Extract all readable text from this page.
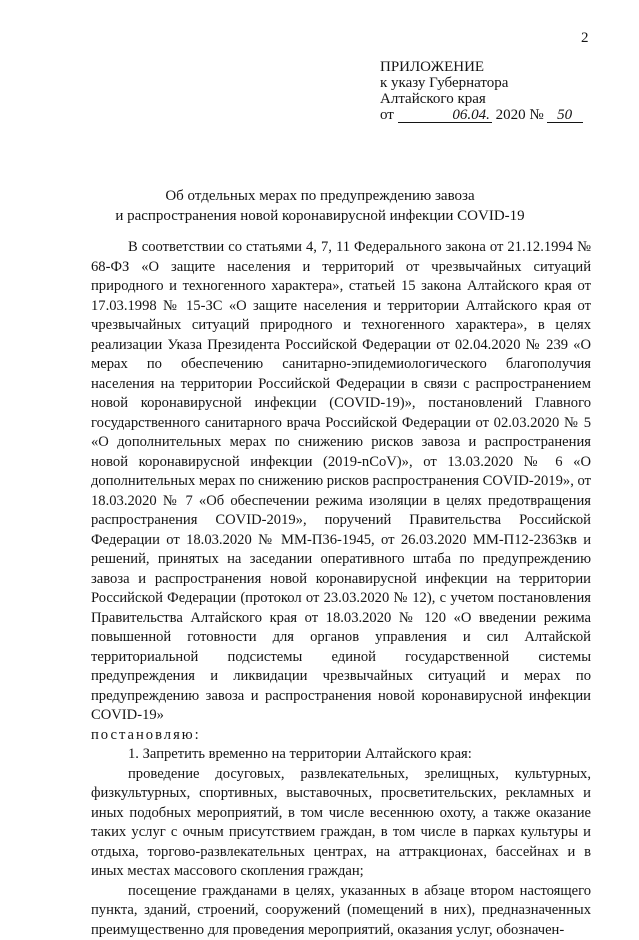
2
ПРИЛОЖЕНИЕ
к указу Губернатора
Алтайского края
от	06.04. 2020 № 50
Об отдельных мерах по предупреждению завоза
и распространения новой коронавирусной инфекции COVID-19

В соответствии со статьями 4, 7, 11 Федерального закона от 21.12.1994 № 68-ФЗ «О защите населения и территорий от чрезвычайных ситуаций природного и техногенного характера», статьей 15 закона Алтайского края от 17.03.1998 № 15-ЗС «О защите населения и территории Алтайского края от чрезвычайных ситуаций природного и техногенного характера», в целях реализации Указа Президента Российской Федерации от 02.04.2020 № 239 «О мерах по обеспечению санитарно-эпидемиологического благополучия населения на территории Российской Федерации в связи с распространением новой коронавирусной инфекции (COVID-19)», постановлений Главного государственного санитарного врача Российской Федерации от 02.03.2020 № 5 «О дополнительных мерах по снижению рисков завоза и распространения новой коронавирусной инфекции (2019-nCoV)», от 13.03.2020 № 6 «О дополнительных мерах по снижению рисков распространения COVID-2019», от 18.03.2020 № 7 «Об обеспечении режима изоляции в целях предотвращения распространения COVID-2019», поручений Правительства Российской Федерации от 18.03.2020 № ММ-П36-1945, от 26.03.2020 ММ-П12-2363кв и решений, принятых на заседании оперативного штаба по предупреждению завоза и распространения новой коронавирусной инфекции на территории Российской Федерации (протокол от 23.03.2020 № 12), с учетом постановления Правительства Алтайского края от 18.03.2020 № 120 «О введении режима повышенной готовности для органов управления и сил Алтайской территориальной подсистемы единой государственной системы предупреждения и ликвидации чрезвычайных ситуаций и мерах по предупреждению завоза и распространения новой коронавирусной инфекции COVID-19»

постановляю:

1. Запретить временно на территории Алтайского края:

проведение досуговых, развлекательных, зрелищных, культурных, физкультурных, спортивных, выставочных, просветительских, рекламных и иных подобных мероприятий, в том числе весеннюю охоту, а также оказание таких услуг с очным присутствием граждан, в том числе в парках культуры и отдыха, торгово-развлекательных центрах, на аттракционах, бассейнах и в иных местах массового скопления граждан;

посещение гражданами в целях, указанных в абзаце втором настоящего пункта, зданий, строений, сооружений (помещений в них), предназначенных преимущественно для проведения мероприятий, оказания услуг, обозначен-
